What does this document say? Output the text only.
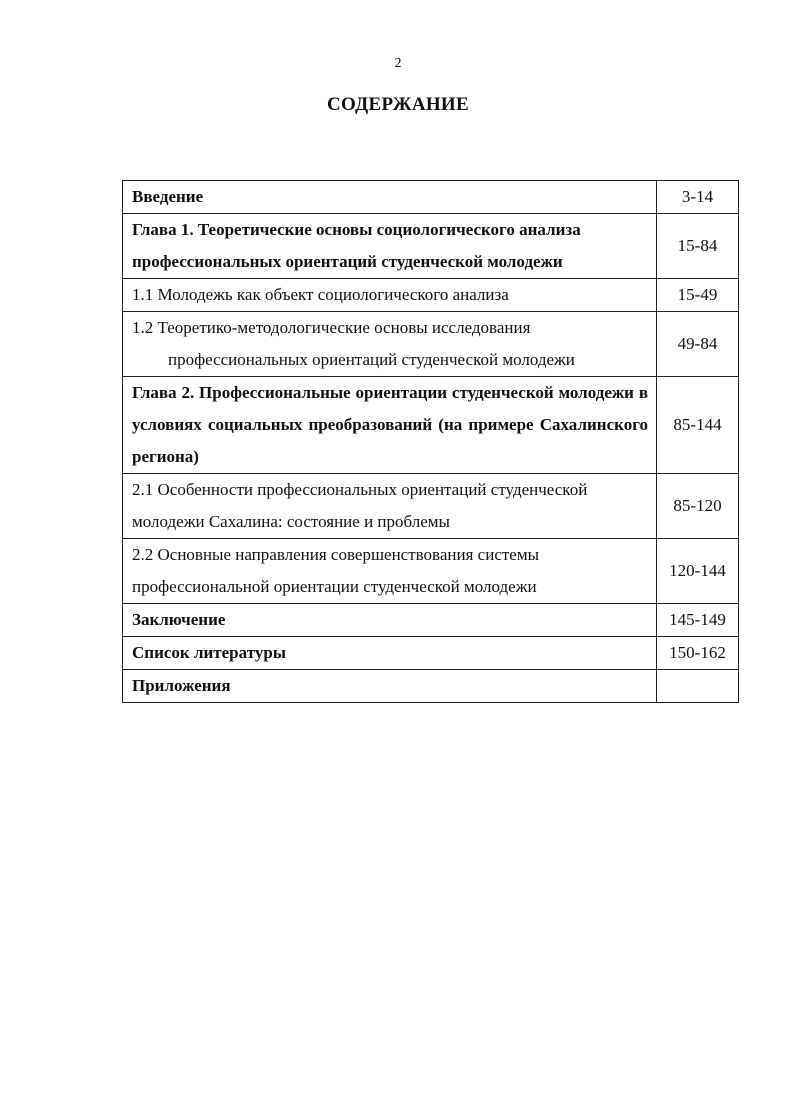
2
СОДЕРЖАНИЕ
Введение	3-14

Глава 1. Теоретические основы социологического анализа
профессиональных ориентаций студенческой молодежи	15-84

1.1 Молодежь как объект социологического анализа	15-49

1.2 Теоретико-методологические основы исследования
профессиональных ориентаций студенческой молодежи	49-84
Глава 2. Профессиональные ориентации студенческой молодежи в условиях социальных преобразований (на примере Сахалинского региона)	85-144

2.1 Особенности профессиональных ориентаций студенческой
молодежи Сахалина: состояние и проблемы	85-120

2.2 Основные направления совершенствования системы
профессиональной ориентации студенческой молодежи	120-144

Заключение	145-149

Список литературы	150-162

Приложения	
